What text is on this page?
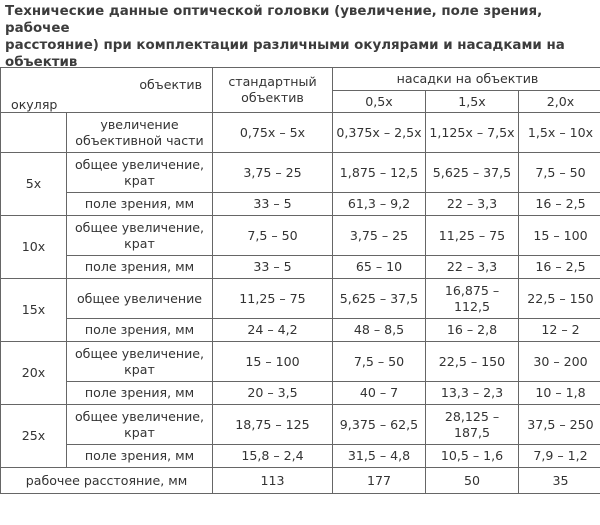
Технические данные оптической головки (увеличение, поле зрения, рабочее
расстояние) при комплектации различными окулярами и насадками на объектив
объектив
окуляр		стандартный объектив	насадки на объектив		
			0,5х	1,5х	2,0х
	увеличение объективной части	0,75х – 5х	0,375х – 2,5х	1,125х – 7,5х	1,5х – 10х
5х	общее увеличение, крат	3,75 – 25	1,875 – 12,5	5,625 – 37,5	7,5 – 50
	поле зрения, мм	33 – 5	61,3 – 9,2	22 – 3,3	16 – 2,5
10х	общее увеличение, крат	7,5 – 50	3,75 – 25	11,25 – 75	15 – 100
	поле зрения, мм	33 – 5	65 – 10	22 – 3,3	16 – 2,5
15х	общее увеличение	11,25 – 75	5,625 – 37,5	16,875 – 112,5	22,5 – 150
	поле зрения, мм	24 – 4,2	48 – 8,5	16 – 2,8	12 – 2
20х	общее увеличение, крат	15 – 100	7,5 – 50	22,5 – 150	30 – 200
	поле зрения, мм	20 – 3,5	40 – 7	13,3 – 2,3	10 – 1,8
25х	общее увеличение, крат	18,75 – 125	9,375 – 62,5	28,125 – 187,5	37,5 – 250
	поле зрения, мм	15,8 – 2,4	31,5 – 4,8	10,5 – 1,6	7,9 – 1,2
рабочее расстояние, мм		113	177	50	35
